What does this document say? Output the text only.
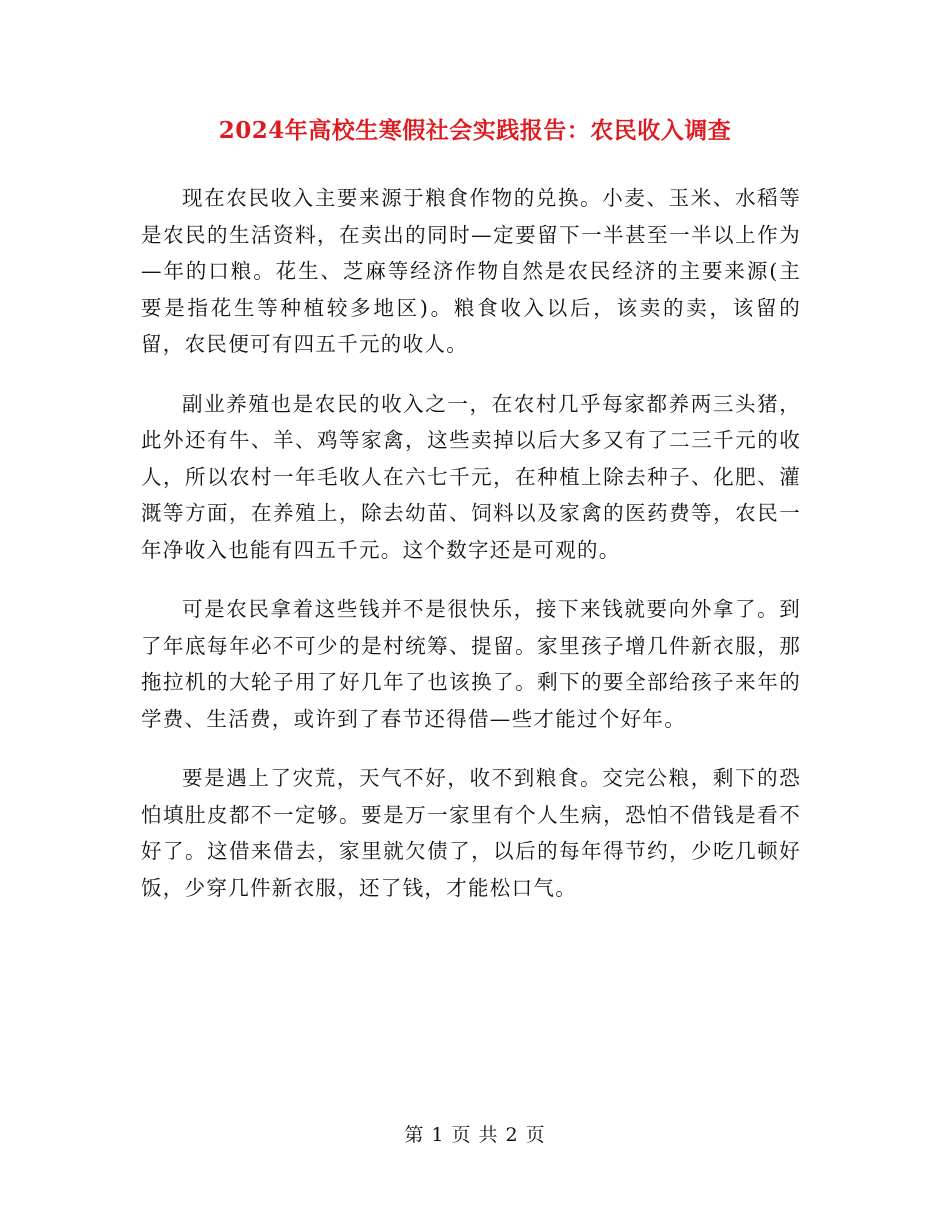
2024年高校生寒假社会实践报告：农民收入调查

现在农民收入主要来源于粮食作物的兑换。小麦、玉米、水稻等是农民的生活资料，在卖出的同时—定要留下一半甚至一半以上作为—年的口粮。花生、芝麻等经济作物自然是农民经济的主要来源(主要是指花生等种植较多地区)。粮食收入以后，该卖的卖，该留的留，农民便可有四五千元的收人。

副业养殖也是农民的收入之一，在农村几乎每家都养两三头猪，此外还有牛、羊、鸡等家禽，这些卖掉以后大多又有了二三千元的收人，所以农村一年毛收人在六七千元，在种植上除去种子、化肥、灌溉等方面，在养殖上，除去幼苗、饲料以及家禽的医药费等，农民一年净收入也能有四五千元。这个数字还是可观的。

可是农民拿着这些钱并不是很快乐，接下来钱就要向外拿了。到了年底每年必不可少的是村统筹、提留。家里孩子增几件新衣服，那拖拉机的大轮子用了好几年了也该换了。剩下的要全部给孩子来年的学费、生活费，或许到了春节还得借—些才能过个好年。

要是遇上了灾荒，天气不好，收不到粮食。交完公粮，剩下的恐怕填肚皮都不一定够。要是万一家里有个人生病，恐怕不借钱是看不好了。这借来借去，家里就欠债了，以后的每年得节约，少吃几顿好饭，少穿几件新衣服，还了钱，才能松口气。

第 1 页 共 2 页
